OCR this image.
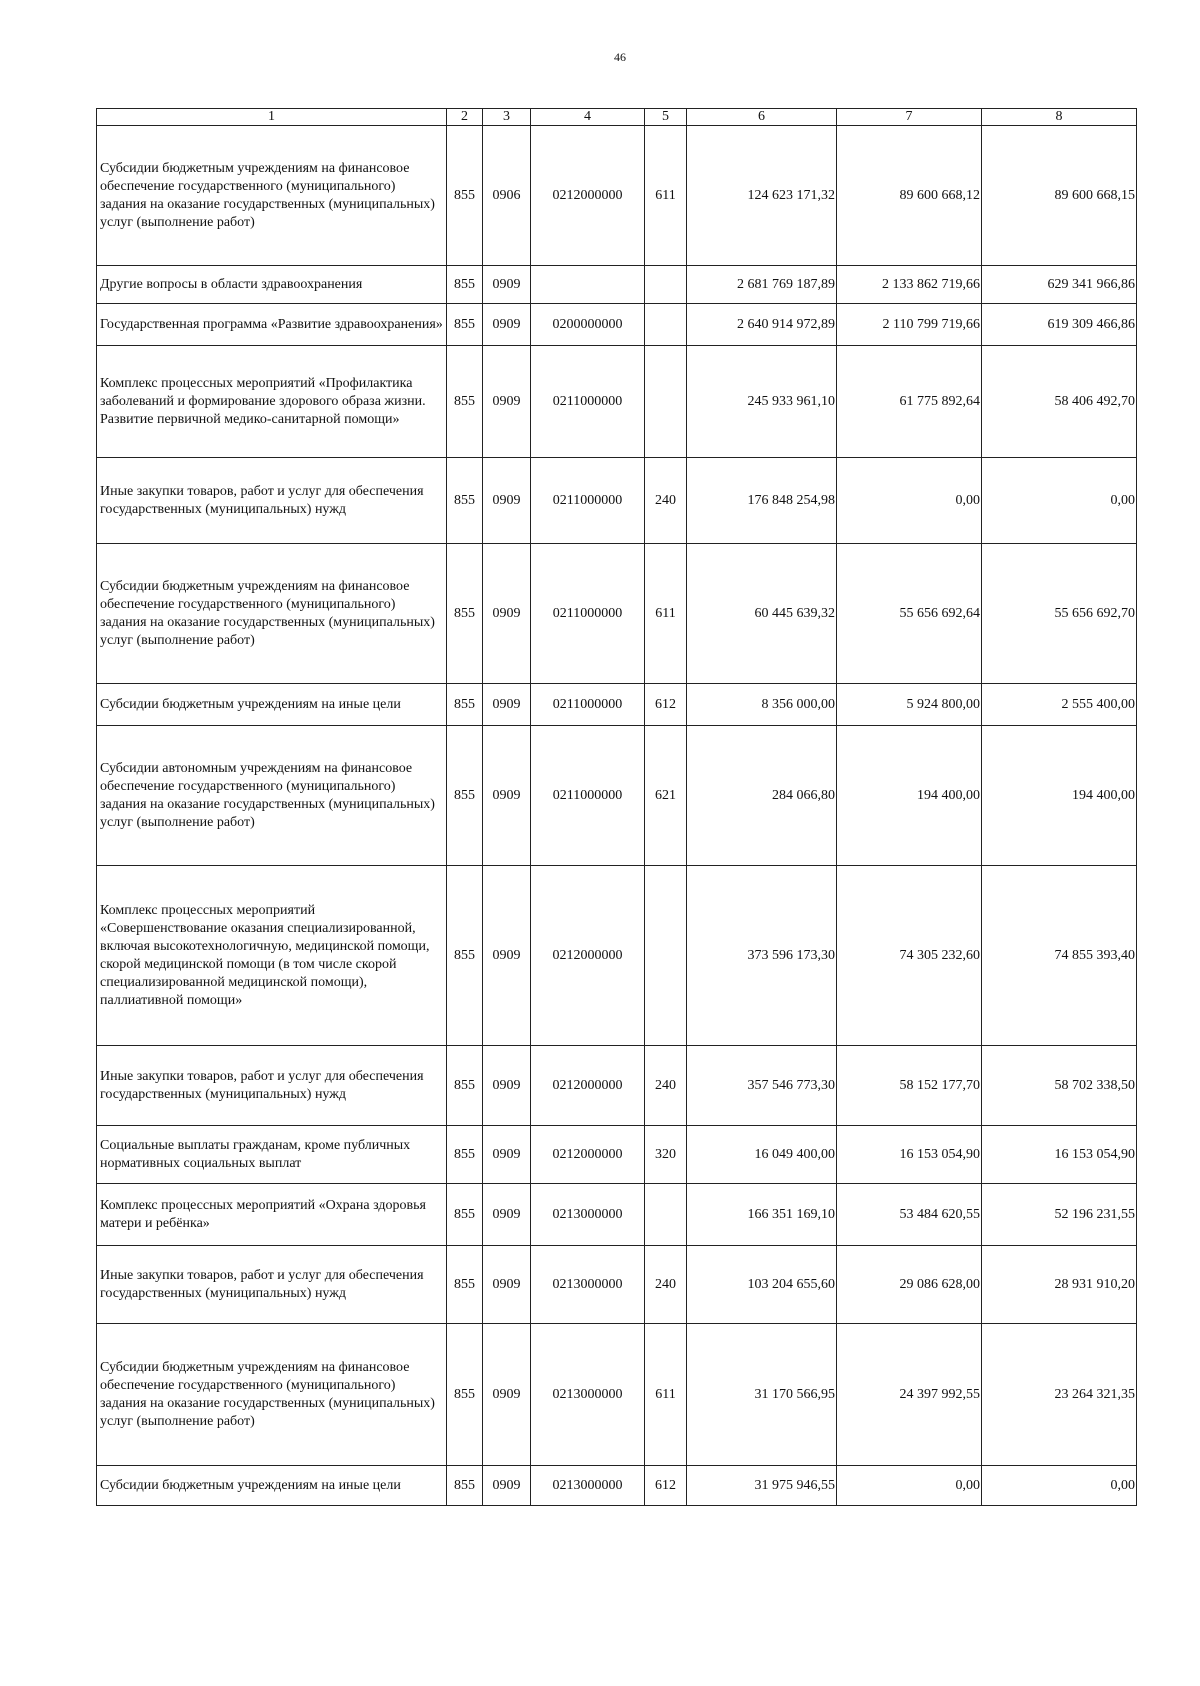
46
1	2	3	4	5	6	7	8
Субсидии бюджетным учреждениям на финансовое обеспечение государственного (муниципального) задания на оказание государственных (муниципальных) услуг (выполнение работ)	855	0906	0212000000	611	124 623 171,32	89 600 668,12	89 600 668,15
Другие вопросы в области здравоохранения	855	0909			2 681 769 187,89	2 133 862 719,66	629 341 966,86
Государственная программа «Развитие здравоохранения»	855	0909	0200000000		2 640 914 972,89	2 110 799 719,66	619 309 466,86
Комплекс процессных мероприятий «Профилактика заболеваний и формирование здорового образа жизни. Развитие первичной медико-санитарной помощи»	855	0909	0211000000		245 933 961,10	61 775 892,64	58 406 492,70
Иные закупки товаров, работ и услуг для обеспечения государственных (муниципальных) нужд	855	0909	0211000000	240	176 848 254,98	0,00	0,00
Субсидии бюджетным учреждениям на финансовое обеспечение государственного (муниципального) задания на оказание государственных (муниципальных) услуг (выполнение работ)	855	0909	0211000000	611	60 445 639,32	55 656 692,64	55 656 692,70
Субсидии бюджетным учреждениям на иные цели	855	0909	0211000000	612	8 356 000,00	5 924 800,00	2 555 400,00
Субсидии автономным учреждениям на финансовое обеспечение государственного (муниципального) задания на оказание государственных (муниципальных) услуг (выполнение работ)	855	0909	0211000000	621	284 066,80	194 400,00	194 400,00
Комплекс процессных мероприятий «Совершенствование оказания специализированной, включая высокотехнологичную, медицинской помощи, скорой медицинской помощи (в том числе скорой специализированной медицинской помощи), паллиативной помощи»	855	0909	0212000000		373 596 173,30	74 305 232,60	74 855 393,40
Иные закупки товаров, работ и услуг для обеспечения государственных (муниципальных) нужд	855	0909	0212000000	240	357 546 773,30	58 152 177,70	58 702 338,50
Социальные выплаты гражданам, кроме публичных нормативных социальных выплат	855	0909	0212000000	320	16 049 400,00	16 153 054,90	16 153 054,90
Комплекс процессных мероприятий «Охрана здоровья матери и ребёнка»	855	0909	0213000000		166 351 169,10	53 484 620,55	52 196 231,55
Иные закупки товаров, работ и услуг для обеспечения государственных (муниципальных) нужд	855	0909	0213000000	240	103 204 655,60	29 086 628,00	28 931 910,20
Субсидии бюджетным учреждениям на финансовое обеспечение государственного (муниципального) задания на оказание государственных (муниципальных) услуг (выполнение работ)	855	0909	0213000000	611	31 170 566,95	24 397 992,55	23 264 321,35
Субсидии бюджетным учреждениям на иные цели	855	0909	0213000000	612	31 975 946,55	0,00	0,00
